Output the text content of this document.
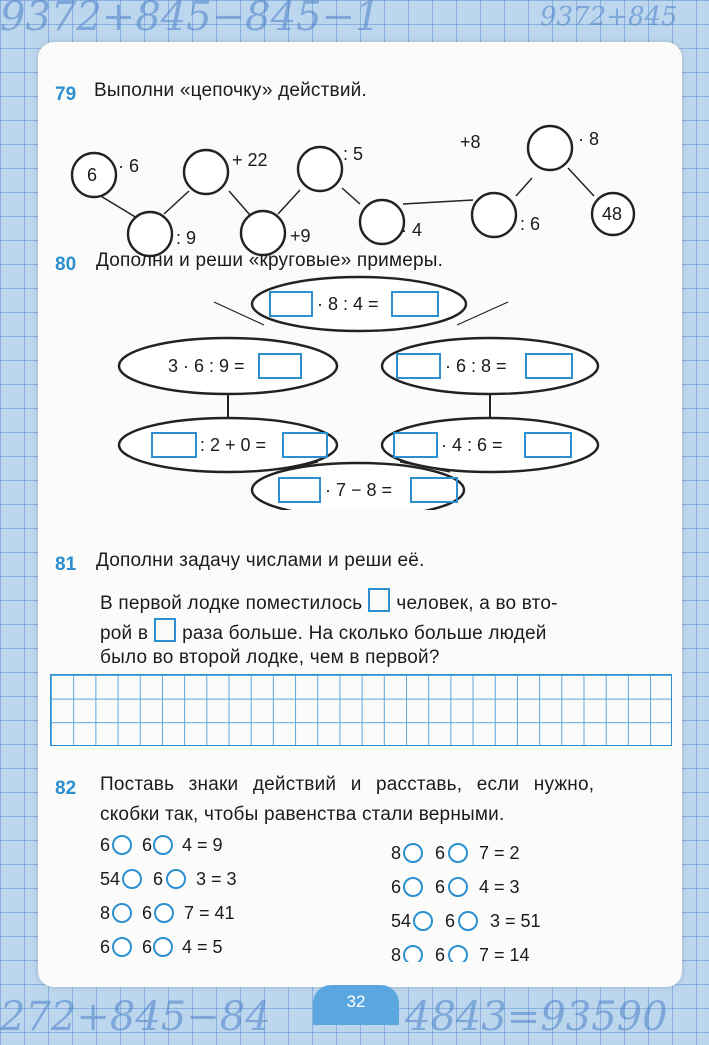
9372+845−845−1	9372+845
272+845−84	4843=93590
79 Выполни «цепочку» действий.
6
48
· 6
: 9
+ 22
+9
: 5
· 4
+8
: 6
· 8
80 Дополни и реши «круговые» примеры.
· 8 : 4 =
3 · 6 : 9 =	· 6 : 8 =
: 2 + 0 =	· 4 : 6 =
· 7 − 8 =
81 Дополни задачу числами и реши её.
В первой лодке поместилось человек, а во вто-
рой в раза больше. На сколько больше людей
было во второй лодке, чем в первой?
82 Поставь знаки действий и расставь, если нужно,
скобки так, чтобы равенства стали верными.
6 6 4 = 9
54 6 3 = 3
8 6 7 = 41
6 6 4 = 5
8 6 7 = 2
6 6 4 = 3
54 6 3 = 51
8 6 7 = 14
32
